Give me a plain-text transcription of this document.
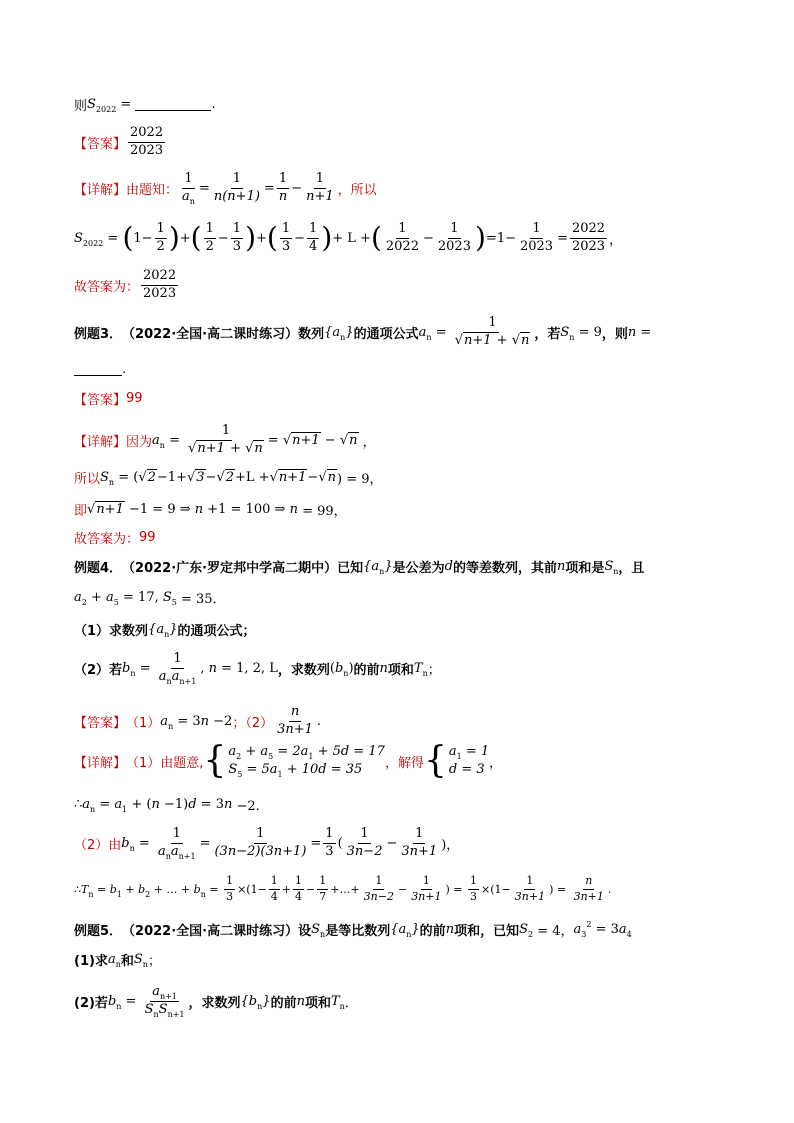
则 $S_{2022}$ =	.
【答案】 $\frac{2022}{2023}$
【详解】 由题知： $\frac{1}{a_n} = \frac{1}{n(n+1)} = \frac{1}{n} - \frac{1}{n+1}$ ，所以
$S_{2022}$ = ( $1- \frac{1}{2}$ ) + ( $\frac{1}{2} - \frac{1}{3}$ ) + ( $\frac{1}{3} - \frac{1}{4}$ ) + L + ( $\frac{1}{2022} - \frac{1}{2023}$ ) $=1- \frac{1}{2023} = \frac{2022}{2023}$ ，
故答案为： $\frac{2022}{2023}$
例题3． （2022·全国·高二课时练习） 数列 $\{a_n\}$ 的通项公式 $a_n = \frac{1}{√n+1 + √n}$ ，若 $S_n = 9$ ，则 n =
.
【答案】 99
【详解】 因为 $a_n = \frac{1}{√n+1 + √n} = √n+1 - √n$ ，
所以 $S_n$ = ( √2 −1+ √3 − √2 +L + √n+1 − √n ) = 9，
即 √n+1 −1 = 9 ⇒ n +1 = 100 ⇒ n = 99，
故答案为： 99
例题4． （2022·广东·罗定邦中学高二期中） 已知 $\{a_n\}$ 是公差为 d 的等差数列，其前 n 项和是 $S_n$ ，且
$a_2 + a_5 = 17$, $S_5 = 35$．
（1）求数列 $\{a_n\}$ 的通项公式；
（2）若 $b_n = \frac{1}{a_na_{n+1}}$ , n = 1, 2, L ，求数列 ( $b_n$ ) 的前 n 项和 $T_n$ ；
【答案】 （1） $a_n = 3$ n −2 ；$(2) \frac{n}{3n+1}$ .
【详解】 （1）由题意, { $a_2 + a_5 = 2a_1 + 5d = 17$
$S_5 = 5a_1 + 10d = 35$	，解得 { $a_1 = 1$
d = 3 ，
∴ $a_n = a_1$ + ( n −1) d = 3 n −2．
（2）由 $b_n = \frac{1}{a_na_{n+1}} = \frac{1}{(3n-2)(3n+1)} = \frac{1}{3}$ ( $\frac{1}{3n-2} - \frac{1}{3n+1}$ )，
∴ $T_n = b_1 + b_2$ + … + $b_n = \frac{1}{3} \times(1- \frac{1}{4} + \frac{1}{4} - \frac{1}{7}$ +…+ $\frac{1}{3n-2} - \frac{1}{3n+1}$ ) = $\frac{1}{3} \times(1- \frac{1}{3n+1}$ ) = $\frac{n}{3n+1}$ .
例题5． （2022·全国·高二课时练习） 设 $S_n$ 是等比数列 $\{a_n\}$ 的前 n 项和，已知 $S_2 = 4$， $a_3^2 = 3$ $a_4$
(1)求 $a_n$ 和 $S_n$ ；
(2)若 $b_n = \frac{a_{n+1}}{S_nS_{n+1}}$ ，求数列 $\{b_n\}$ 的前 n 项和 $T_n$ ．
